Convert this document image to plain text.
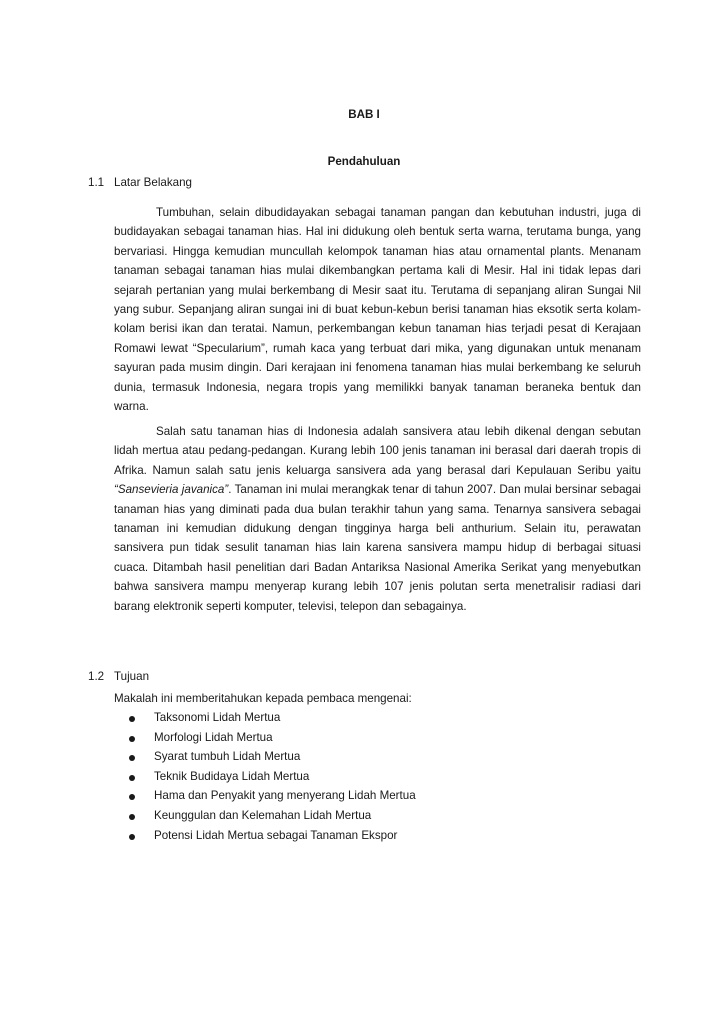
BAB I
Pendahuluan
1.1 Latar Belakang

Tumbuhan, selain dibudidayakan sebagai tanaman pangan dan kebutuhan industri, juga di budidayakan sebagai tanaman hias. Hal ini didukung oleh bentuk serta warna, terutama bunga, yang bervariasi. Hingga kemudian muncullah kelompok tanaman hias atau ornamental plants. Menanam tanaman sebagai tanaman hias mulai dikembangkan pertama kali di Mesir. Hal ini tidak lepas dari sejarah pertanian yang mulai berkembang di Mesir saat itu. Terutama di sepanjang aliran Sungai Nil yang subur. Sepanjang aliran sungai ini di buat kebun-kebun berisi tanaman hias eksotik serta kolam-kolam berisi ikan dan teratai. Namun, perkembangan kebun tanaman hias terjadi pesat di Kerajaan Romawi lewat “Specularium”, rumah kaca yang terbuat dari mika, yang digunakan untuk menanam sayuran pada musim dingin. Dari kerajaan ini fenomena tanaman hias mulai berkembang ke seluruh dunia, termasuk Indonesia, negara tropis yang memilikki banyak tanaman beraneka bentuk dan warna.

Salah satu tanaman hias di Indonesia adalah sansivera atau lebih dikenal dengan sebutan lidah mertua atau pedang-pedangan. Kurang lebih 100 jenis tanaman ini berasal dari daerah tropis di Afrika. Namun salah satu jenis keluarga sansivera ada yang berasal dari Kepulauan Seribu yaitu “Sansevieria javanica”. Tanaman ini mulai merangkak tenar di tahun 2007. Dan mulai bersinar sebagai tanaman hias yang diminati pada dua bulan terakhir tahun yang sama. Tenarnya sansivera sebagai tanaman ini kemudian didukung dengan tingginya harga beli anthurium. Selain itu, perawatan sansivera pun tidak sesulit tanaman hias lain karena sansivera mampu hidup di berbagai situasi cuaca. Ditambah hasil penelitian dari Badan Antariksa Nasional Amerika Serikat yang menyebutkan bahwa sansivera mampu menyerap kurang lebih 107 jenis polutan serta menetralisir radiasi dari barang elektronik seperti komputer, televisi, telepon dan sebagainya.

1.2 Tujuan
Makalah ini memberitahukan kepada pembaca mengenai:
Taksonomi Lidah Mertua
Morfologi Lidah Mertua
Syarat tumbuh Lidah Mertua
Teknik Budidaya Lidah Mertua
Hama dan Penyakit yang menyerang Lidah Mertua
Keunggulan dan Kelemahan Lidah Mertua
Potensi Lidah Mertua sebagai Tanaman Ekspor
